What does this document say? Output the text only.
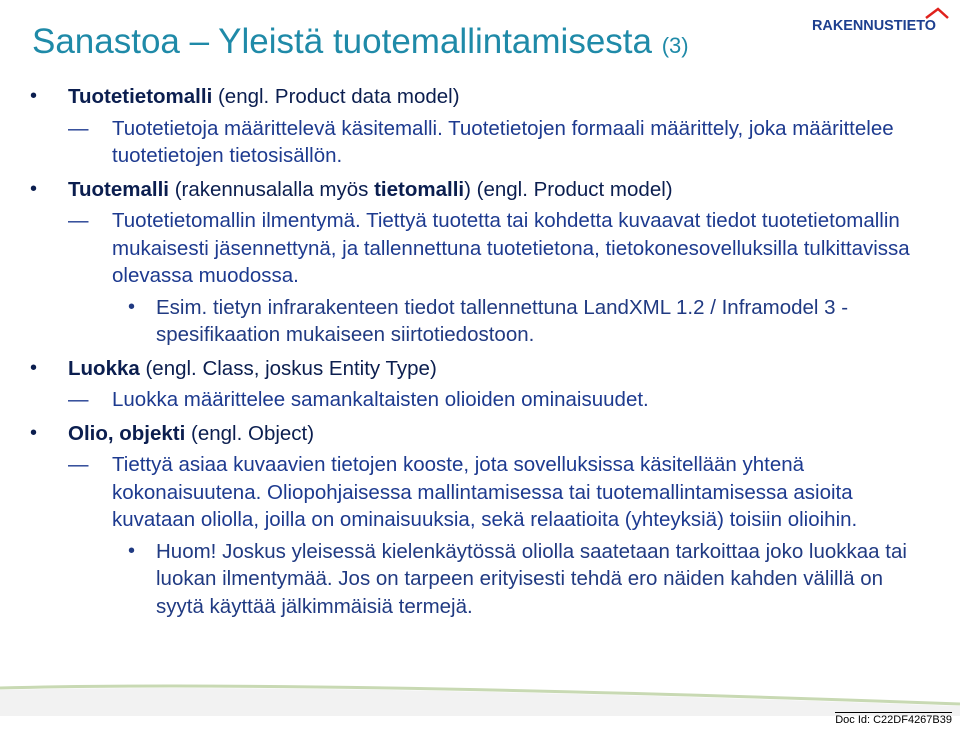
Sanastoa – Yleistä tuotemallintamisesta (3)
RAKENNUSTIETO
• Tuotetietomalli (engl. Product data model)
— Tuotetietoja määrittelevä käsitemalli. Tuotetietojen formaali määrittely, joka määrittelee tuotetietojen tietosisällön.
• Tuotemalli (rakennusalalla myös tietomalli) (engl. Product model)
— Tuotetietomallin ilmentymä. Tiettyä tuotetta tai kohdetta kuvaavat tiedot tuotetietomallin mukaisesti jäsennettynä, ja tallennettuna tuotetietona, tietokonesovelluksilla tulkittavissa olevassa muodossa.
• Esim. tietyn infrarakenteen tiedot tallennettuna LandXML 1.2 / Inframodel 3 -spesifikaation mukaiseen siirtotiedostoon.
• Luokka (engl. Class, joskus Entity Type)
— Luokka määrittelee samankaltaisten olioiden ominaisuudet.
• Olio, objekti (engl. Object)
— Tiettyä asiaa kuvaavien tietojen kooste, jota sovelluksissa käsitellään yhtenä kokonaisuutena. Oliopohjaisessa mallintamisessa tai tuotemallintamisessa asioita kuvataan oliolla, joilla on ominaisuuksia, sekä relaatioita (yhteyksiä) toisiin olioihin.
• Huom! Joskus yleisessä kielenkäytössä oliolla saatetaan tarkoittaa joko luokkaa tai luokan ilmentymää. Jos on tarpeen erityisesti tehdä ero näiden kahden välillä on syytä käyttää jälkimmäisiä termejä.
Doc Id: C22DF4267B39
